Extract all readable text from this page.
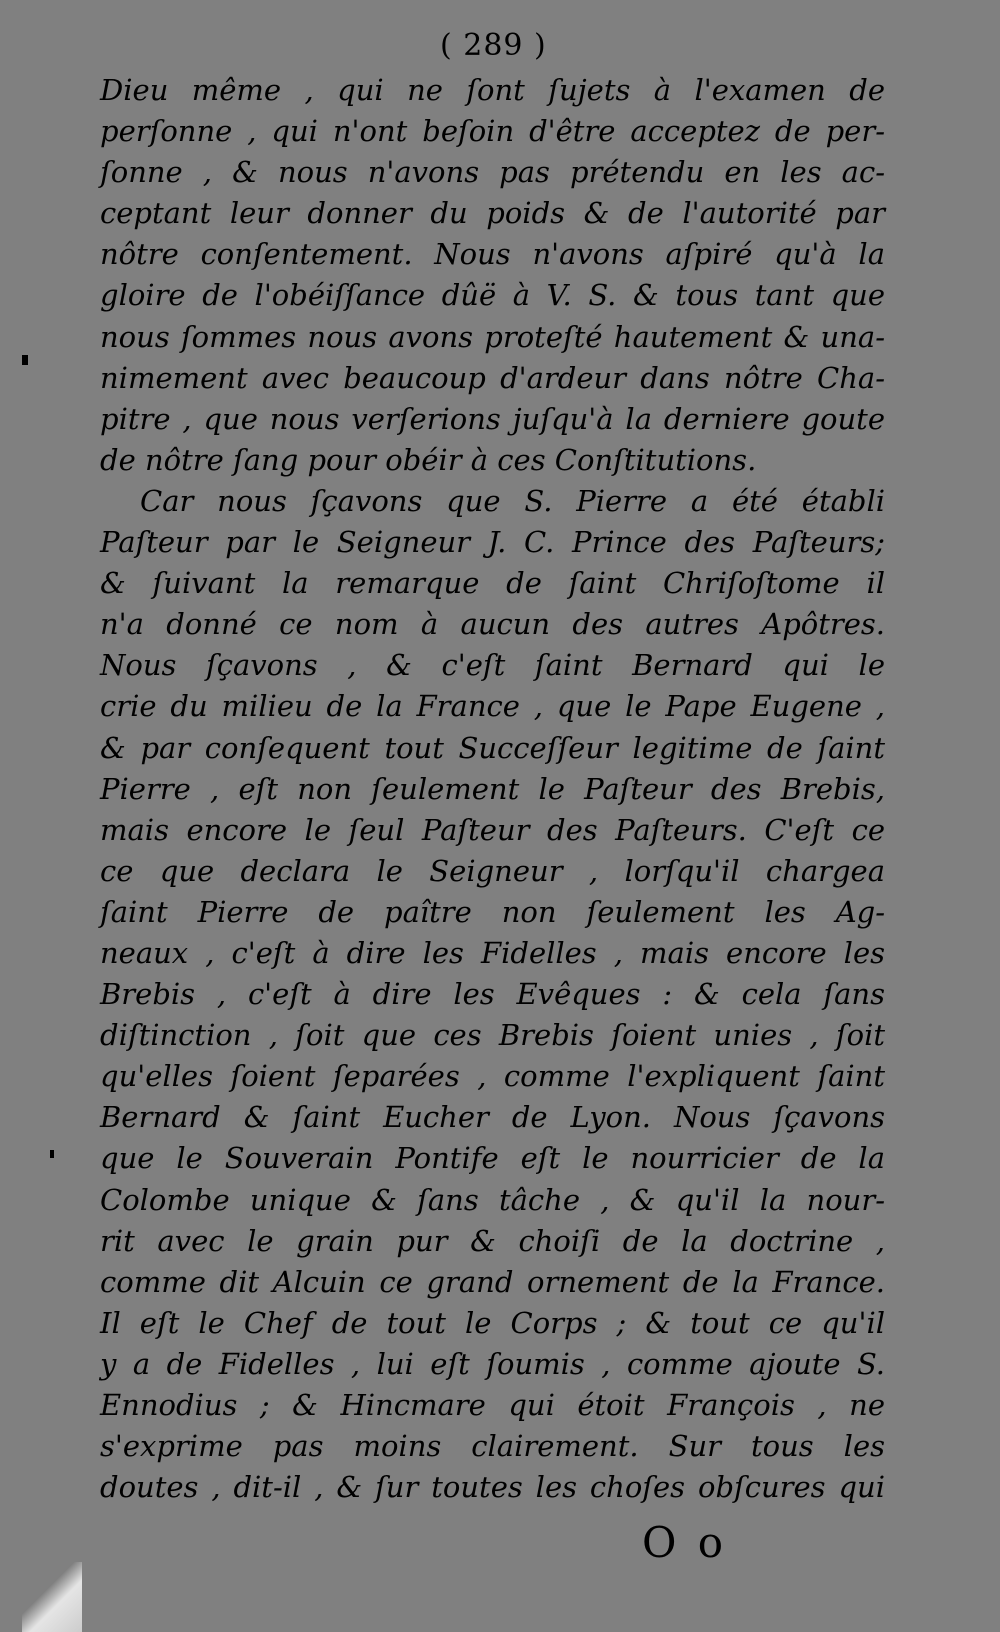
( 289 )
Dieu même , qui ne ſont ſujets à l'examen de
perſonne , qui n'ont beſoin d'être acceptez de per-
ſonne , & nous n'avons pas prétendu en les ac-
ceptant leur donner du poids & de l'autorité par
nôtre conſentement. Nous n'avons aſpiré qu'à la
gloire de l'obéiſſance dûë à V. S. & tous tant que
nous ſommes nous avons proteſté hautement & una-
nimement avec beaucoup d'ardeur dans nôtre Cha-
pitre , que nous verſerions juſqu'à la derniere goute
de nôtre ſang pour obéir à ces Conſtitutions.
Car nous ſçavons que S. Pierre a été établi
Paſteur par le Seigneur J. C. Prince des Paſteurs;
& ſuivant la remarque de ſaint Chriſoſtome il
n'a donné ce nom à aucun des autres Apôtres.
Nous ſçavons , & c'eſt ſaint Bernard qui le
crie du milieu de la France , que le Pape Eugene ,
& par conſequent tout Succeſſeur legitime de ſaint
Pierre , eſt non ſeulement le Paſteur des Brebis,
mais encore le ſeul Paſteur des Paſteurs. C'eſt ce
ce que declara le Seigneur , lorſqu'il chargea
ſaint Pierre de paître non ſeulement les Ag-
neaux , c'eſt à dire les Fidelles , mais encore les
Brebis , c'eſt à dire les Evêques : & cela ſans
diſtinction , ſoit que ces Brebis ſoient unies , ſoit
qu'elles ſoient ſeparées , comme l'expliquent ſaint
Bernard & ſaint Eucher de Lyon. Nous ſçavons
que le Souverain Pontife eſt le nourricier de la
Colombe unique & ſans tâche , & qu'il la nour-
rit avec le grain pur & choiſi de la doctrine ,
comme dit Alcuin ce grand ornement de la France.
Il eſt le Chef de tout le Corps ; & tout ce qu'il
y a de Fidelles , lui eſt ſoumis , comme ajoute S.
Ennodius ; & Hincmare qui étoit François , ne
s'exprime pas moins clairement. Sur tous les
doutes , dit-il , & ſur toutes les choſes obſcures qui
O o
